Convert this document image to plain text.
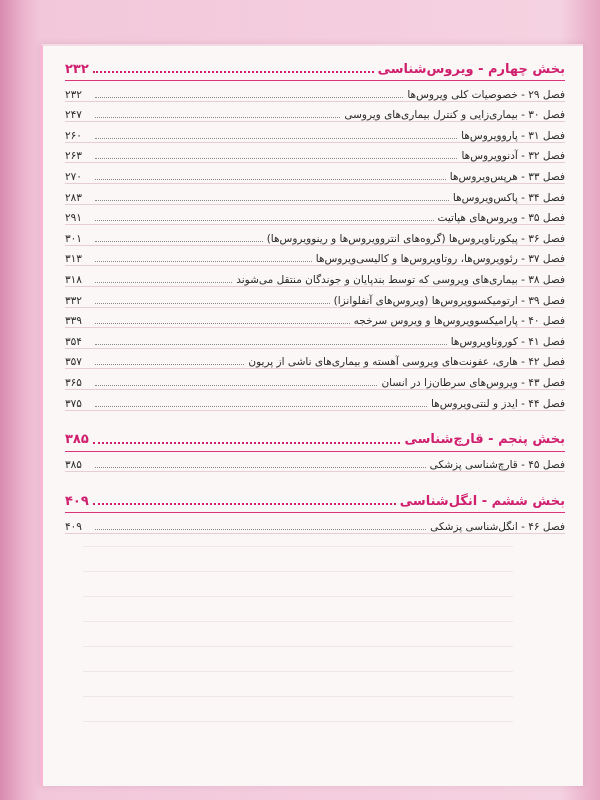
بخش چهارم - ویروس‌شناسی
۲۳۲
فصل ۲۹ - خصوصیات کلی ویروس‌ها
۲۳۲
فصل ۳۰ - بیماری‌زایی و کنترل بیماری‌های ویروسی
۲۴۷
فصل ۳۱ - پاروویروس‌ها
۲۶۰
فصل ۳۲ - آدنوویروس‌ها
۲۶۳
فصل ۳۳ - هرپس‌ویروس‌ها
۲۷۰
فصل ۳۴ - پاکس‌ویروس‌ها
۲۸۳
فصل ۳۵ - ویروس‌های هپاتیت
۲۹۱
فصل ۳۶ - پیکورناویروس‌ها (گروه‌های انتروویروس‌ها و رینوویروس‌ها)
۳۰۱
فصل ۳۷ - رئوویروس‌ها، روتاویروس‌ها و کالیسی‌ویروس‌ها
۳۱۳
فصل ۳۸ - بیماری‌های ویروسی که توسط بندپایان و جوندگان منتقل می‌شوند
۳۱۸
فصل ۳۹ - ارتومیکسوویروس‌ها (ویروس‌های آنفلوانزا)
۳۳۲
فصل ۴۰ - پارامیکسوویروس‌ها و ویروس سرخجه
۳۳۹
فصل ۴۱ - کوروناویروس‌ها
۳۵۴
فصل ۴۲ - هاری، عفونت‌های ویروسی آهسته و بیماری‌های ناشی از پریون
۳۵۷
فصل ۴۳ - ویروس‌های سرطان‌زا در انسان
۳۶۵
فصل ۴۴ - ایدز و لنتی‌ویروس‌ها
۳۷۵
بخش پنجم - قارچ‌شناسی
۳۸۵
فصل ۴۵ - قارچ‌شناسی پزشکی
۳۸۵
بخش ششم - انگل‌شناسی
۴۰۹
فصل ۴۶ - انگل‌شناسی پزشکی
۴۰۹
